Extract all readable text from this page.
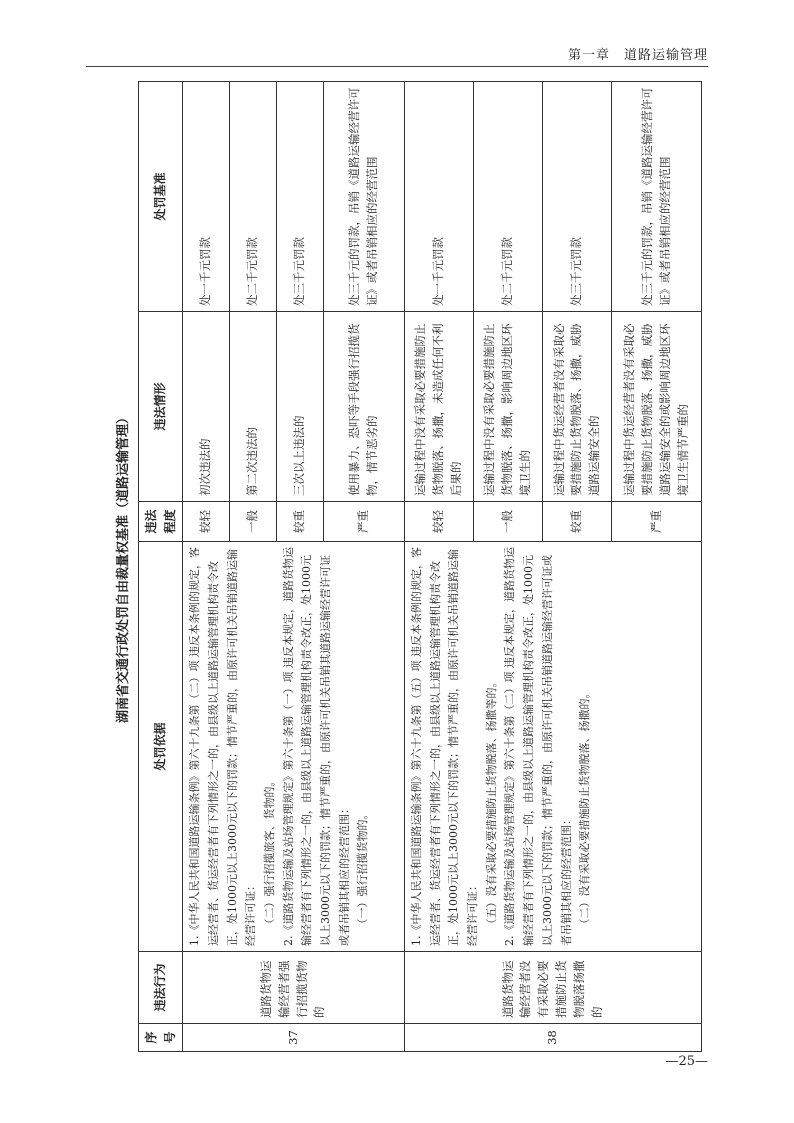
第一章　道路运输管理
湖南省交通行政处罚自由裁量权基准（道路运输管理）
序号	违法行为	处罚依据	违法程度	违法情形	处罚基准
37	道路货物运输经营者强行招揽货物的	1.《中华人民共和国道路运输条例》第六十九条第（二）项 违反本条例的规定，客运经营者、货运经营者有下列情形之一的，由县级以上道路运输管理机构责令改正，处1000元以上3000元以下的罚款；情节严重的，由原许可机关吊销道路运输经营许可证： （二）强行招揽旅客、货物的。 2.《道路货物运输及站场管理规定》第六十条第（一）项 违反本规定，道路货物运输经营者有下列情形之一的，由县级以上道路运输管理机构责令改正，处1000元以上3000元以下的罚款；情节严重的，由原许可机关吊销其道路运输经营许可证或者吊销其相应的经营范围： （一）强行招揽货物的。	较轻	初次违法的	处一千元罚款
			一般	第二次违法的	处二千元罚款
			较重	三次以上违法的	处三千元罚款
			严重	使用暴力、恐吓等手段强行招揽货物，情节恶劣的	处三千元的罚款，吊销《道路运输经营许可证》或者吊销相应的经营范围
38	道路货物运输经营者没有采取必要措施防止货物脱落扬撒的	1.《中华人民共和国道路运输条例》第六十九条第（五）项 违反本条例的规定，客运经营者、货运经营者有下列情形之一的，由县级以上道路运输管理机构责令改正，处1000元以上3000元以下的罚款；情节严重的，由原许可机关吊销道路运输经营许可证： （五）没有采取必要措施防止货物脱落、扬撒等的。 2.《道路货物运输及站场管理规定》第六十条第（二）项 违反本规定，道路货物运输经营者有下列情形之一的，由县级以上道路运输管理机构责令改正，处1000元以上3000元以下的罚款；情节严重的，由原许可机关吊销道路运输经营许可证或者吊销其相应的经营范围： （二）没有采取必要措施防止货物脱落、扬撒的。	较轻	运输过程中没有采取必要措施防止货物脱落、扬撒，未造成任何不利后果的	处一千元罚款
			一般	运输过程中没有采取必要措施防止货物脱落、扬撒，影响周边地区环境卫生的	处二千元罚款
			较重	运输过程中货运经营者没有采取必要措施防止货物脱落、扬撒，威胁道路运输安全的	处三千元罚款
			严重	运输过程中货运经营者没有采取必要措施防止货物脱落、扬撒，威胁道路运输安全的或影响周边地区环境卫生情节严重的	处三千元的罚款，吊销《道路运输经营许可证》或者吊销相应的经营范围
—25—
